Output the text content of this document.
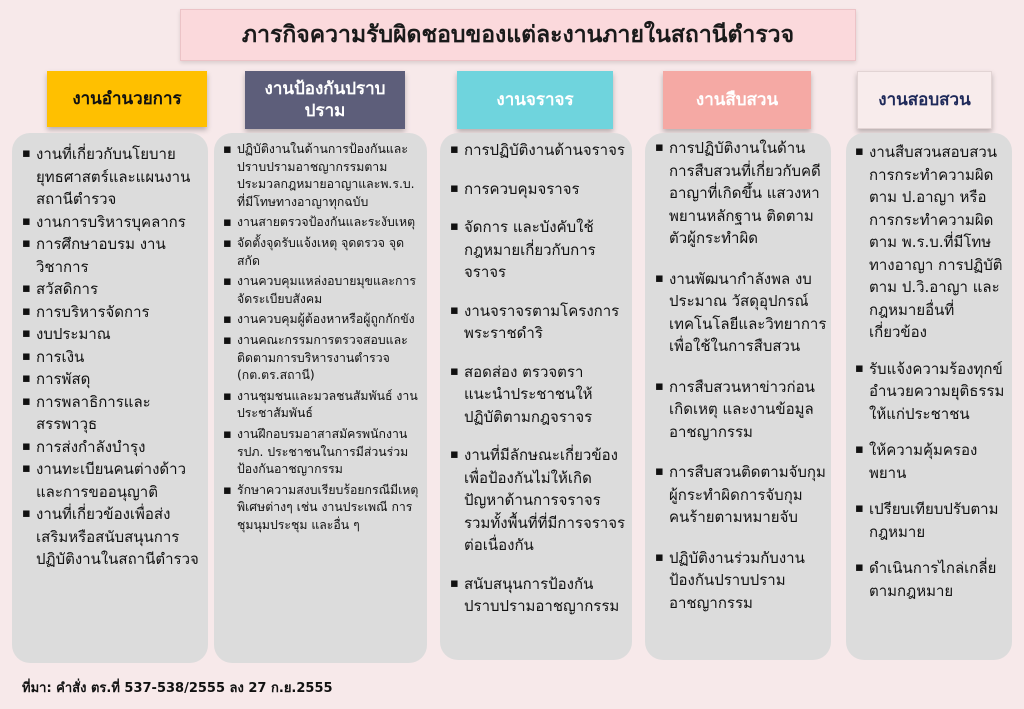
ภารกิจความรับผิดชอบของแต่ละงานภายในสถานีตำรวจ
งานอำนวยการ
▪ งานที่เกี่ยวกับนโยบายยุทธศาสตร์และแผนงานสถานีตำรวจ
▪ งานการบริหารบุคลากร
▪ การศึกษาอบรม งานวิชาการ
▪ สวัสดิการ
▪ การบริหารจัดการ
▪ งบประมาณ
▪ การเงิน
▪ การพัสดุ
▪ การพลาธิการและสรรพาวุธ
▪ การส่งกำลังบำรุง
▪ งานทะเบียนคนต่างด้าวและการขออนุญาติ
▪ งานที่เกี่ยวข้องเพื่อส่งเสริมหรือสนับสนุนการปฏิบัติงานในสถานีตำรวจ
งานป้องกันปราบปราม
▪ ปฏิบัติงานในด้านการป้องกันและปราบปรามอาชญากรรมตามประมวลกฎหมายอาญาและพ.ร.บ. ที่มีโทษทางอาญาทุกฉบับ
▪ งานสายตรวจป้องกันและระงับเหตุ
▪ จัดตั้งจุดรับแจ้งเหตุ จุดตรวจ จุดสกัด
▪ งานควบคุมแหล่งอบายมุขและการจัดระเบียบสังคม
▪ งานควบคุมผู้ต้องหาหรือผู้ถูกกักขัง
▪ งานคณะกรรมการตรวจสอบและติดตามการบริหารงานตำรวจ (กต.ตร.สถานี)
▪ งานชุมชนและมวลชนสัมพันธ์ งานประชาสัมพันธ์
▪ งานฝึกอบรมอาสาสมัครพนักงาน รปภ. ประชาชนในการมีส่วนร่วมป้องกันอาชญากรรม
▪ รักษาความสงบเรียบร้อยกรณีมีเหตุพิเศษต่างๆ เช่น งานประเพณี การชุมนุมประชุม และอื่น ๆ
งานจราจร
▪ การปฏิบัติงานด้านจราจร
▪ การควบคุมจราจร
▪ จัดการ และบังคับใช้กฎหมายเกี่ยวกับการจราจร
▪ งานจราจรตามโครงการพระราชดำริ
▪ สอดส่อง ตรวจตราแนะนำประชาชนให้ปฏิบัติตามกฎจราจร
▪ งานที่มีลักษณะเกี่ยวข้อง เพื่อป้องกันไม่ให้เกิดปัญหาด้านการจราจรรวมทั้งพื้นที่ที่มีการจราจรต่อเนื่องกัน
▪ สนับสนุนการป้องกันปราบปรามอาชญากรรม
งานสืบสวน
▪ การปฏิบัติงานในด้านการสืบสวนที่เกี่ยวกับคดีอาญาที่เกิดขึ้น แสวงหาพยานหลักฐาน ติดตามตัวผู้กระทำผิด
▪ งานพัฒนากำลังพล งบประมาณ วัสดุอุปกรณ์ เทคโนโลยีและวิทยาการ เพื่อใช้ในการสืบสวน
▪ การสืบสวนหาข่าวก่อนเกิดเหตุ และงานข้อมูลอาชญากรรม
▪ การสืบสวนติดตามจับกุมผู้กระทำผิดการจับกุมคนร้ายตามหมายจับ
▪ ปฏิบัติงานร่วมกับงานป้องกันปราบปรามอาชญากรรม
งานสอบสวน
▪ งานสืบสวนสอบสวนการกระทำความผิดตาม ป.อาญา หรือการกระทำความผิดตาม พ.ร.บ.ที่มีโทษทางอาญา การปฏิบัติตาม ป.วิ.อาญา และกฎหมายอื่นที่เกี่ยวข้อง
▪ รับแจ้งความร้องทุกข์ อำนวยความยุติธรรมให้แก่ประชาชน
▪ ให้ความคุ้มครองพยาน
▪ เปรียบเทียบปรับตามกฎหมาย
▪ ดำเนินการไกล่เกลี่ยตามกฎหมาย
ที่มา: คำสั่ง ตร.ที่ 537-538/2555 ลง 27 ก.ย.2555
